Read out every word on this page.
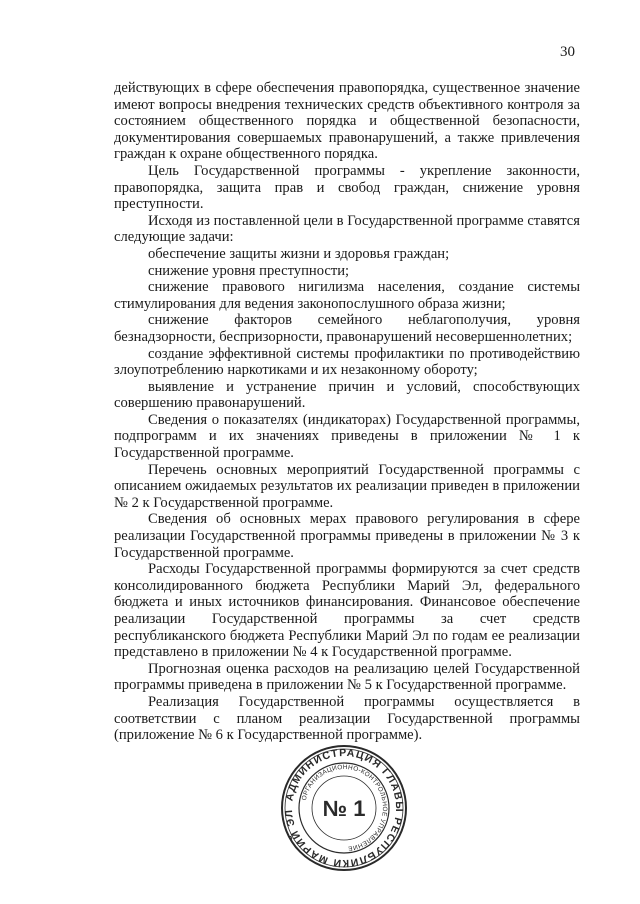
30

действующих в сфере обеспечения правопорядка, существенное значение имеют вопросы внедрения технических средств объективного контроля за состоянием общественного порядка и общественной безопасности, документирования совершаемых правонарушений, а также привлечения граждан к охране общественного порядка.

Цель Государственной программы - укрепление законности, правопорядка, защита прав и свобод граждан, снижение уровня преступности.

Исходя из поставленной цели в Государственной программе ставятся следующие задачи:

обеспечение защиты жизни и здоровья граждан;

снижение уровня преступности;

снижение правового нигилизма населения, создание системы стимулирования для ведения законопослушного образа жизни;

снижение факторов семейного неблагополучия, уровня безнадзорности, беспризорности, правонарушений несовершеннолетних;

создание эффективной системы профилактики по противодействию злоупотреблению наркотиками и их незаконному обороту;

выявление и устранение причин и условий, способствующих совершению правонарушений.

Сведения о показателях (индикаторах) Государственной программы, подпрограмм и их значениях приведены в приложении № 1 к Государственной программе.

Перечень основных мероприятий Государственной программы с описанием ожидаемых результатов их реализации приведен в приложении № 2 к Государственной программе.

Сведения об основных мерах правового регулирования в сфере реализации Государственной программы приведены в приложении № 3 к Государственной программе.

Расходы Государственной программы формируются за счет средств консолидированного бюджета Республики Марий Эл, федерального бюджета и иных источников финансирования. Финансовое обеспечение реализации Государственной программы за счет средств республиканского бюджета Республики Марий Эл по годам ее реализации представлено в приложении № 4 к Государственной программе.

Прогнозная оценка расходов на реализацию целей Государственной программы приведена в приложении № 5 к Государственной программе.

Реализация Государственной программы осуществляется в соответствии с планом реализации Государственной программы (приложение № 6 к Государственной программе).

АДМИНИСТРАЦИЯ ГЛАВЫ РЕСПУБЛИКИ МАРИЙ ЭЛ
ОРГАНИЗАЦИОННО-КОНТРОЛЬНОЕ УПРАВЛЕНИЕ
№ 1
